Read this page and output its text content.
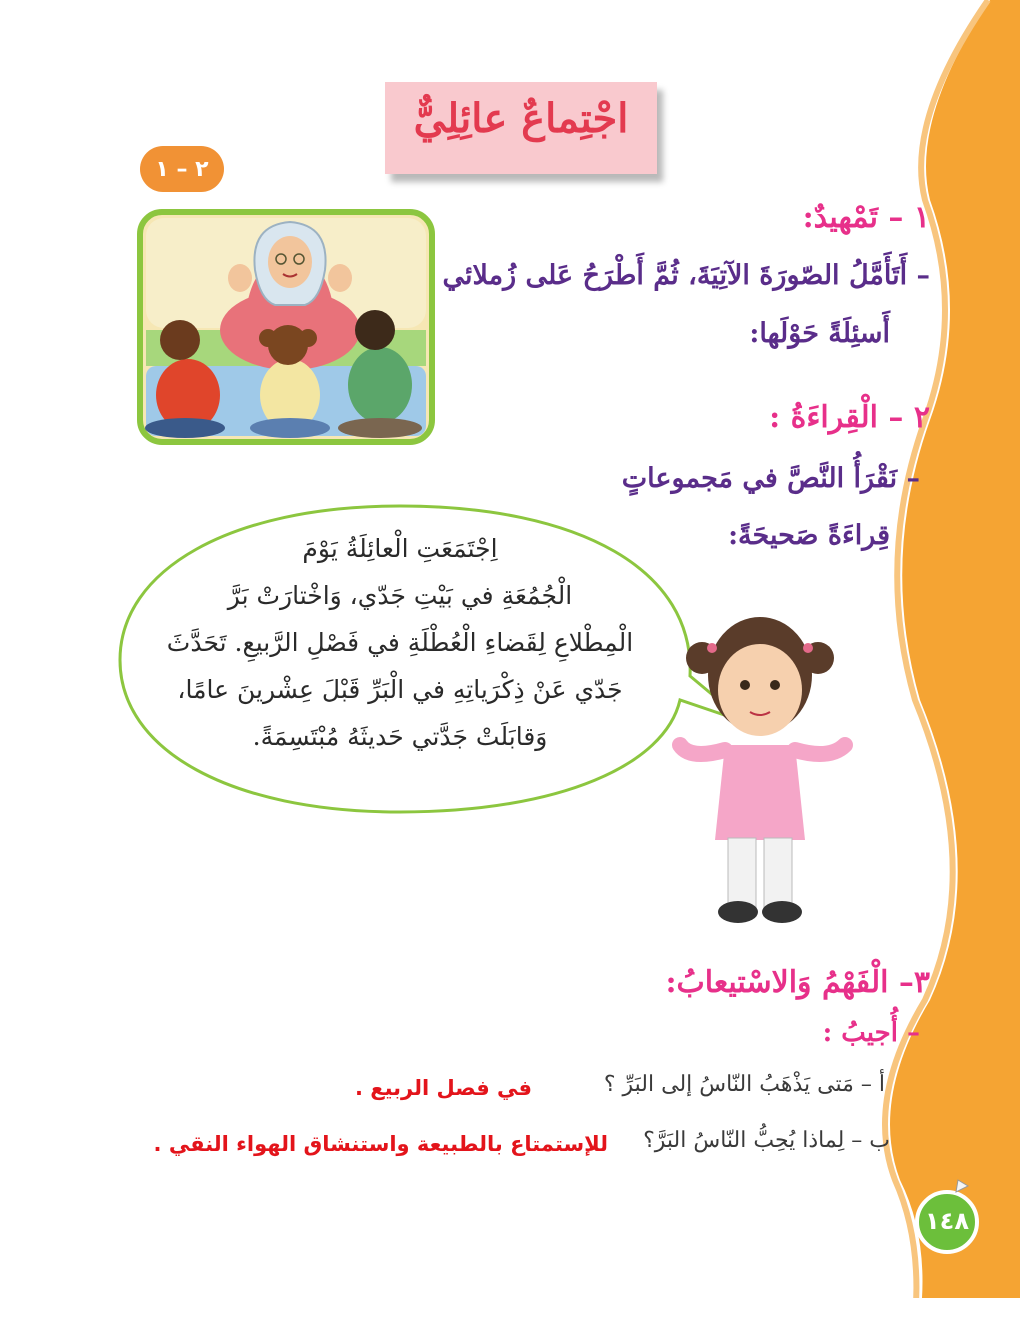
اجْتِماعٌ عائِلِيٌّ
٢ – ١
١ – تَمْهيدٌ:
– أَتَأَمَّلُ الصّورَةَ الآتِيَةَ، ثُمَّ أَطْرَحُ عَلى زُملائي
أَسئِلَةً حَوْلَها:
٢ – الْقِراءَةُ :
– نَقْرَأُ النَّصَّ في مَجموعاتٍ
قِراءَةً صَحيحَةً:
اِجْتَمَعَتِ الْعائِلَةُ يَوْمَ
الْجُمُعَةِ في بَيْتِ جَدّي، وَاخْتارَتْ بَرَّ
الْمِطْلاعِ لِقَضاءِ الْعُطْلَةِ في فَصْلِ الرَّبيعِ. تَحَدَّثَ
جَدّي عَنْ ذِكْرَياتِهِ في الْبَرِّ قَبْلَ عِشْرينَ عامًا،
وَقابَلَتْ جَدَّتي حَديثَهُ مُبْتَسِمَةً.
٣– الْفَهْمُ وَالاسْتيعابُ:
– أُجيبُ :
أ – مَتى يَذْهَبُ النّاسُ إلى البَرِّ ؟
في فصل الربيع .
ب – لِماذا يُحِبُّ النّاسُ البَرَّ؟
للإستمتاع بالطبيعة واستنشاق الهواء النقي .
١٤٨
